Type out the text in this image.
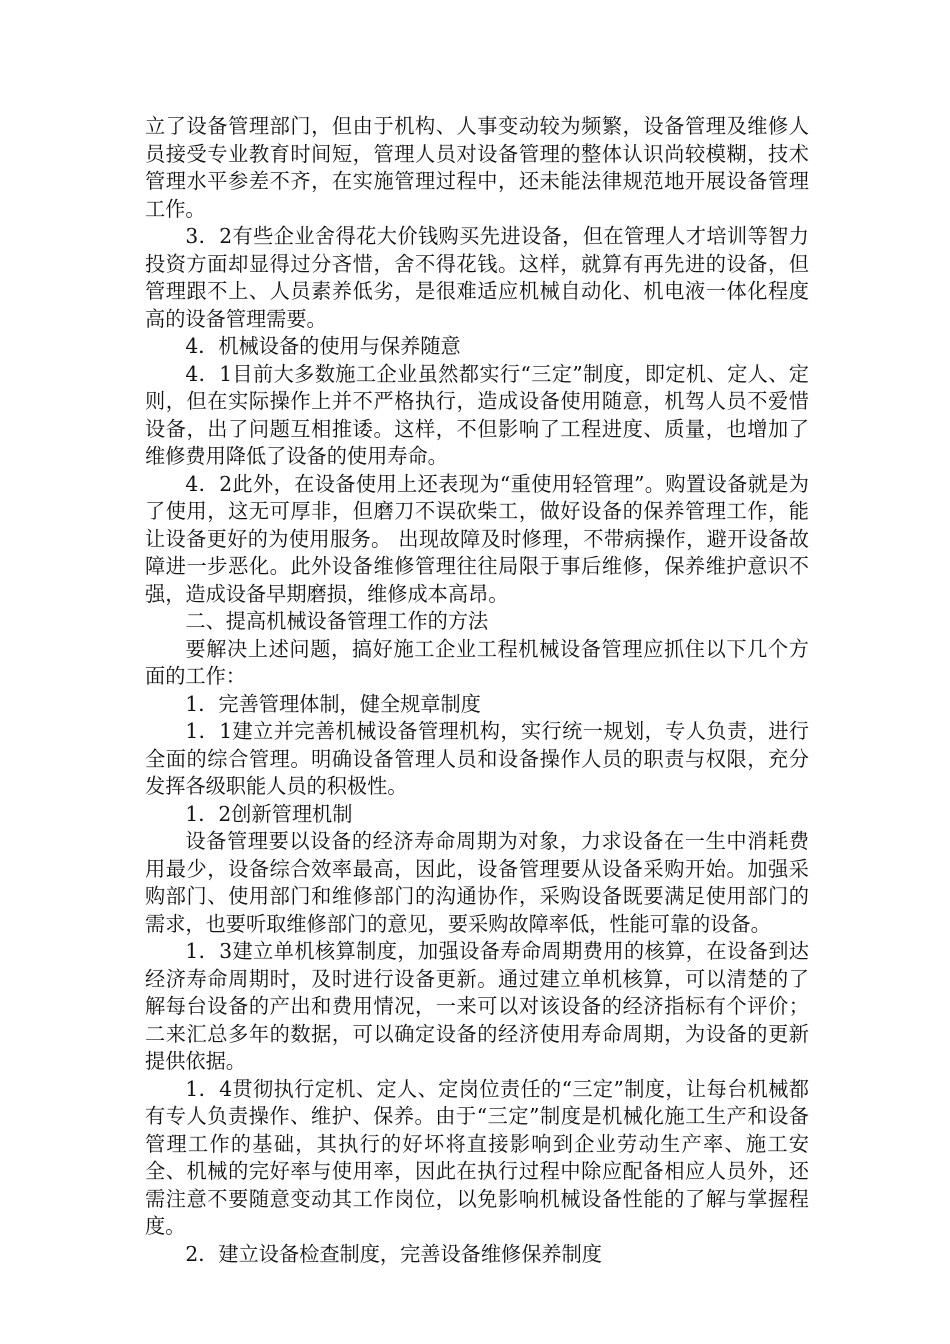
立了设备管理部门，但由于机构、人事变动较为频繁，设备管理及维修人员接受专业教育时间短，管理人员对设备管理的整体认识尚较模糊，技术管理水平参差不齐，在实施管理过程中，还未能法律规范地开展设备管理工作。

3．2有些企业舍得花大价钱购买先进设备，但在管理人才培训等智力投资方面却显得过分吝惜，舍不得花钱。这样，就算有再先进的设备，但管理跟不上、人员素养低劣，是很难适应机械自动化、机电液一体化程度高的设备管理需要。

4．机械设备的使用与保养随意

4．1目前大多数施工企业虽然都实行“三定”制度，即定机、定人、定则，但在实际操作上并不严格执行，造成设备使用随意，机驾人员不爱惜设备，出了问题互相推诿。这样，不但影响了工程进度、质量，也增加了维修费用降低了设备的使用寿命。

4．2此外，在设备使用上还表现为“重使用轻管理”。购置设备就是为了使用，这无可厚非，但磨刀不误砍柴工，做好设备的保养管理工作，能让设备更好的为使用服务。 出现故障及时修理，不带病操作，避开设备故障进一步恶化。此外设备维修管理往往局限于事后维修，保养维护意识不强，造成设备早期磨损，维修成本高昂。

二、提高机械设备管理工作的方法

要解决上述问题，搞好施工企业工程机械设备管理应抓住以下几个方面的工作：

1．完善管理体制，健全规章制度

1．1建立并完善机械设备管理机构，实行统一规划，专人负责，进行全面的综合管理。明确设备管理人员和设备操作人员的职责与权限，充分发挥各级职能人员的积极性。

1．2创新管理机制

设备管理要以设备的经济寿命周期为对象，力求设备在一生中消耗费用最少，设备综合效率最高，因此，设备管理要从设备采购开始。加强采购部门、使用部门和维修部门的沟通协作，采购设备既要满足使用部门的需求，也要听取维修部门的意见，要采购故障率低，性能可靠的设备。

1．3建立单机核算制度，加强设备寿命周期费用的核算，在设备到达经济寿命周期时，及时进行设备更新。通过建立单机核算，可以清楚的了解每台设备的产出和费用情况，一来可以对该设备的经济指标有个评价；二来汇总多年的数据，可以确定设备的经济使用寿命周期，为设备的更新提供依据。

1．4贯彻执行定机、定人、定岗位责任的“三定”制度，让每台机械都有专人负责操作、维护、保养。由于“三定”制度是机械化施工生产和设备管理工作的基础，其执行的好坏将直接影响到企业劳动生产率、施工安全、机械的完好率与使用率，因此在执行过程中除应配备相应人员外，还需注意不要随意变动其工作岗位，以免影响机械设备性能的了解与掌握程度。

2．建立设备检查制度，完善设备维修保养制度
